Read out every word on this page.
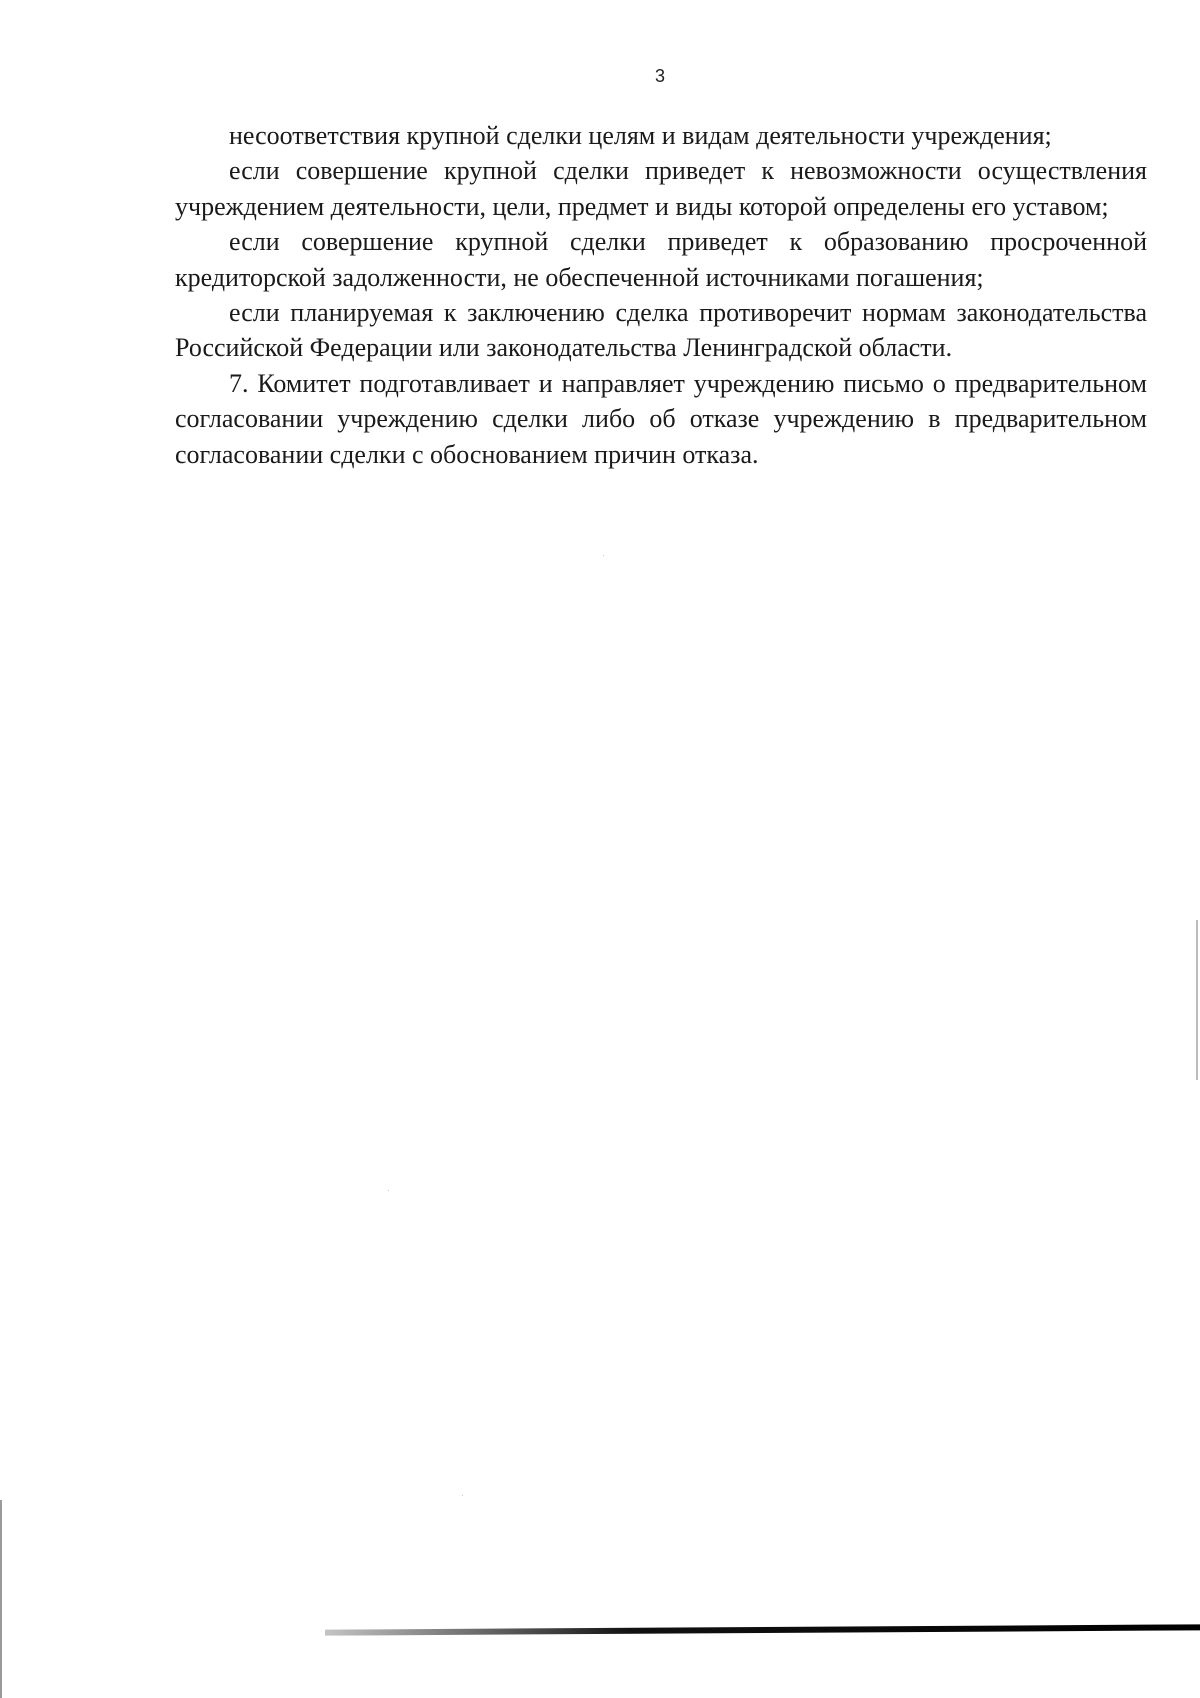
3

несоответствия крупной сделки целям и видам деятельности учреждения;

если совершение крупной сделки приведет к невозможности осуществления учреждением деятельности, цели, предмет и виды которой определены его уставом;

если совершение крупной сделки приведет к образованию просроченной кредиторской задолженности, не обеспеченной источниками погашения;

если планируемая к заключению сделка противоречит нормам законодательства Российской Федерации или законодательства Ленинградской области.

7. Комитет подготавливает и направляет учреждению письмо о предварительном согласовании учреждению сделки либо об отказе учреждению в предварительном согласовании сделки с обоснованием причин отказа.
